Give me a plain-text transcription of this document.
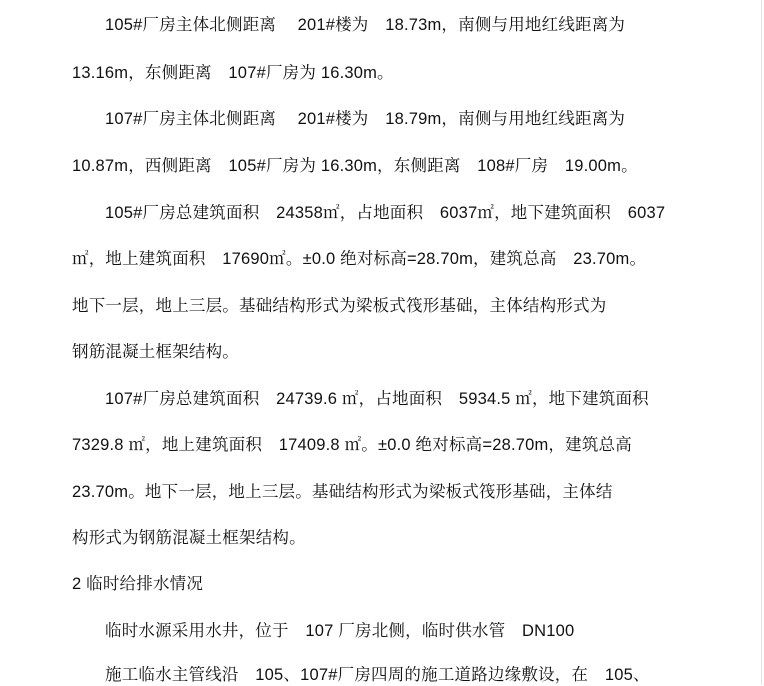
105#厂房主体北侧距离　 201#楼为　18.73m，南侧与用地红线距离为
13.16m，东侧距离　107#厂房为 16.30m。
107#厂房主体北侧距离　 201#楼为　18.79m，南侧与用地红线距离为
10.87m，西侧距离　105#厂房为 16.30m，东侧距离　108#厂房　19.00m。
105#厂房总建筑面积　24358㎡，占地面积　6037㎡，地下建筑面积　6037
㎡，地上建筑面积　17690㎡。±0.0 绝对标高=28.70m，建筑总高　23.70m。
地下一层，地上三层。基础结构形式为梁板式筏形基础，主体结构形式为
钢筋混凝土框架结构。
107#厂房总建筑面积　24739.6 ㎡，占地面积　5934.5 ㎡，地下建筑面积
7329.8 ㎡，地上建筑面积　17409.8 ㎡。±0.0 绝对标高=28.70m，建筑总高
23.70m。地下一层，地上三层。基础结构形式为梁板式筏形基础，主体结
构形式为钢筋混凝土框架结构。
2 临时给排水情况
临时水源采用水井，位于　107 厂房北侧，临时供水管　DN100
施工临水主管线沿　105、107#厂房四周的施工道路边缘敷设，在　105、
